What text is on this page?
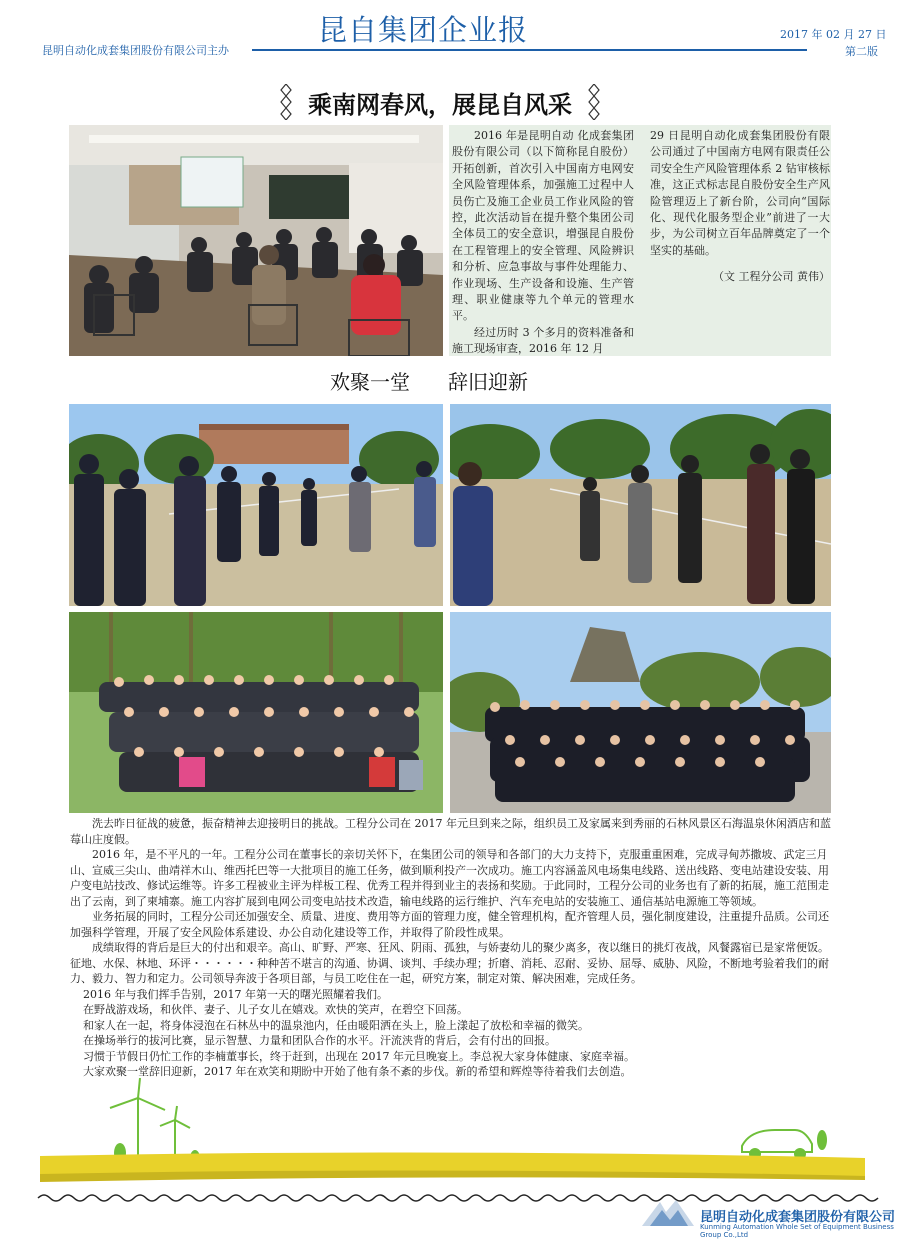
昆自集团企业报
昆明自动化成套集团股份有限公司主办
2017 年 02 月 27 日
第二版
乘南网春风，展昆自风采

2016 年是昆明自动 化成套集团股份有限公司（以下简称昆自股份）开拓创新，首次引入中国南方电网安全风险管理体系，加强施工过程中人员伤亡及施工企业员工作业风险的管控，此次活动旨在提升整个集团公司全体员工的安全意识，增强昆自股份在工程管理上的安全管理、风险辨识和分析、应急事故与事件处理能力、作业现场、生产设备和设施、生产管理、职业健康等九个单元的管理水平。

经过历时 3 个多月的资料准备和施工现场审查，2016 年 12 月

29 日昆明自动化成套集团股份有限公司通过了中国南方电网有限责任公司安全生产风险管理体系 2 钻审核标准，这正式标志昆自股份安全生产风险管理迈上了新台阶，公司向“国际化、现代化服务型企业”前进了一大步，为公司树立百年品牌奠定了一个坚实的基础。

（文 工程分公司 黄伟）

欢聚一堂 辞旧迎新

洗去昨日征战的疲惫，振奋精神去迎接明日的挑战。工程分公司在 2017 年元旦到来之际，组织员工及家属来到秀丽的石林风景区石海温泉休闲酒店和蓝莓山庄度假。

2016 年，是不平凡的一年。工程分公司在董事长的亲切关怀下，在集团公司的领导和各部门的大力支持下，克服重重困难，完成寻甸苏撒坡、武定三月山、宣威三尖山、曲靖祥木山、维西托巴等一大批项目的施工任务，做到顺利投产一次成功。施工内容涵盖风电场集电线路、送出线路、变电站建设安装、用户变电站技改、修试运维等。许多工程被业主评为样板工程、优秀工程并得到业主的表扬和奖励。于此同时，工程分公司的业务也有了新的拓展，施工范围走出了云南，到了柬埔寨。施工内容扩展到电网公司变电站技术改造，输电线路的运行维护、汽车充电站的安装施工、通信基站电源施工等领域。

业务拓展的同时，工程分公司还加强安全、质量、进度、费用等方面的管理力度，健全管理机构，配齐管理人员，强化制度建设，注重提升品质。公司还加强科学管理，开展了安全风险体系建设、办公自动化建设等工作，并取得了阶段性成果。

成绩取得的背后是巨大的付出和艰辛。高山、旷野、严寒、狂风、阴雨、孤独，与娇妻幼儿的聚少离多，夜以继日的挑灯夜战，风餐露宿已是家常便饭。征地、水保、林地、环评・・・・・・种种苦不堪言的沟通、协调、谈判、手续办理；折磨、消耗、忍耐、妥协、屈辱、威胁、风险，不断地考验着我们的耐力、毅力、智力和定力。公司领导奔波于各项目部，与员工吃住在一起，研究方案，制定对策、解决困难，完成任务。

2016 年与我们挥手告别，2017 年第一天的曙光照耀着我们。

在野战游戏场，和伙伴、妻子、儿子女儿在嬉戏。欢快的笑声，在碧空下回荡。

和家人在一起，将身体浸泡在石林丛中的温泉池内，任由暖阳洒在头上，脸上漾起了放松和幸福的微笑。

在操场举行的拔河比赛，显示智慧、力量和团队合作的水平。汗流浃背的背后，会有付出的回报。

习惯于节假日仍忙工作的李楠董事长，终于赶到，出现在 2017 年元旦晚宴上。李总祝大家身体健康、家庭幸福。

大家欢聚一堂辞旧迎新，2017 年在欢笑和期盼中开始了他有条不紊的步伐。新的希望和辉煌等待着我们去创造。

昆明自动化成套集团股份有限公司
Kunming Automation Whole Set of Equipment Business Group Co.,Ltd
